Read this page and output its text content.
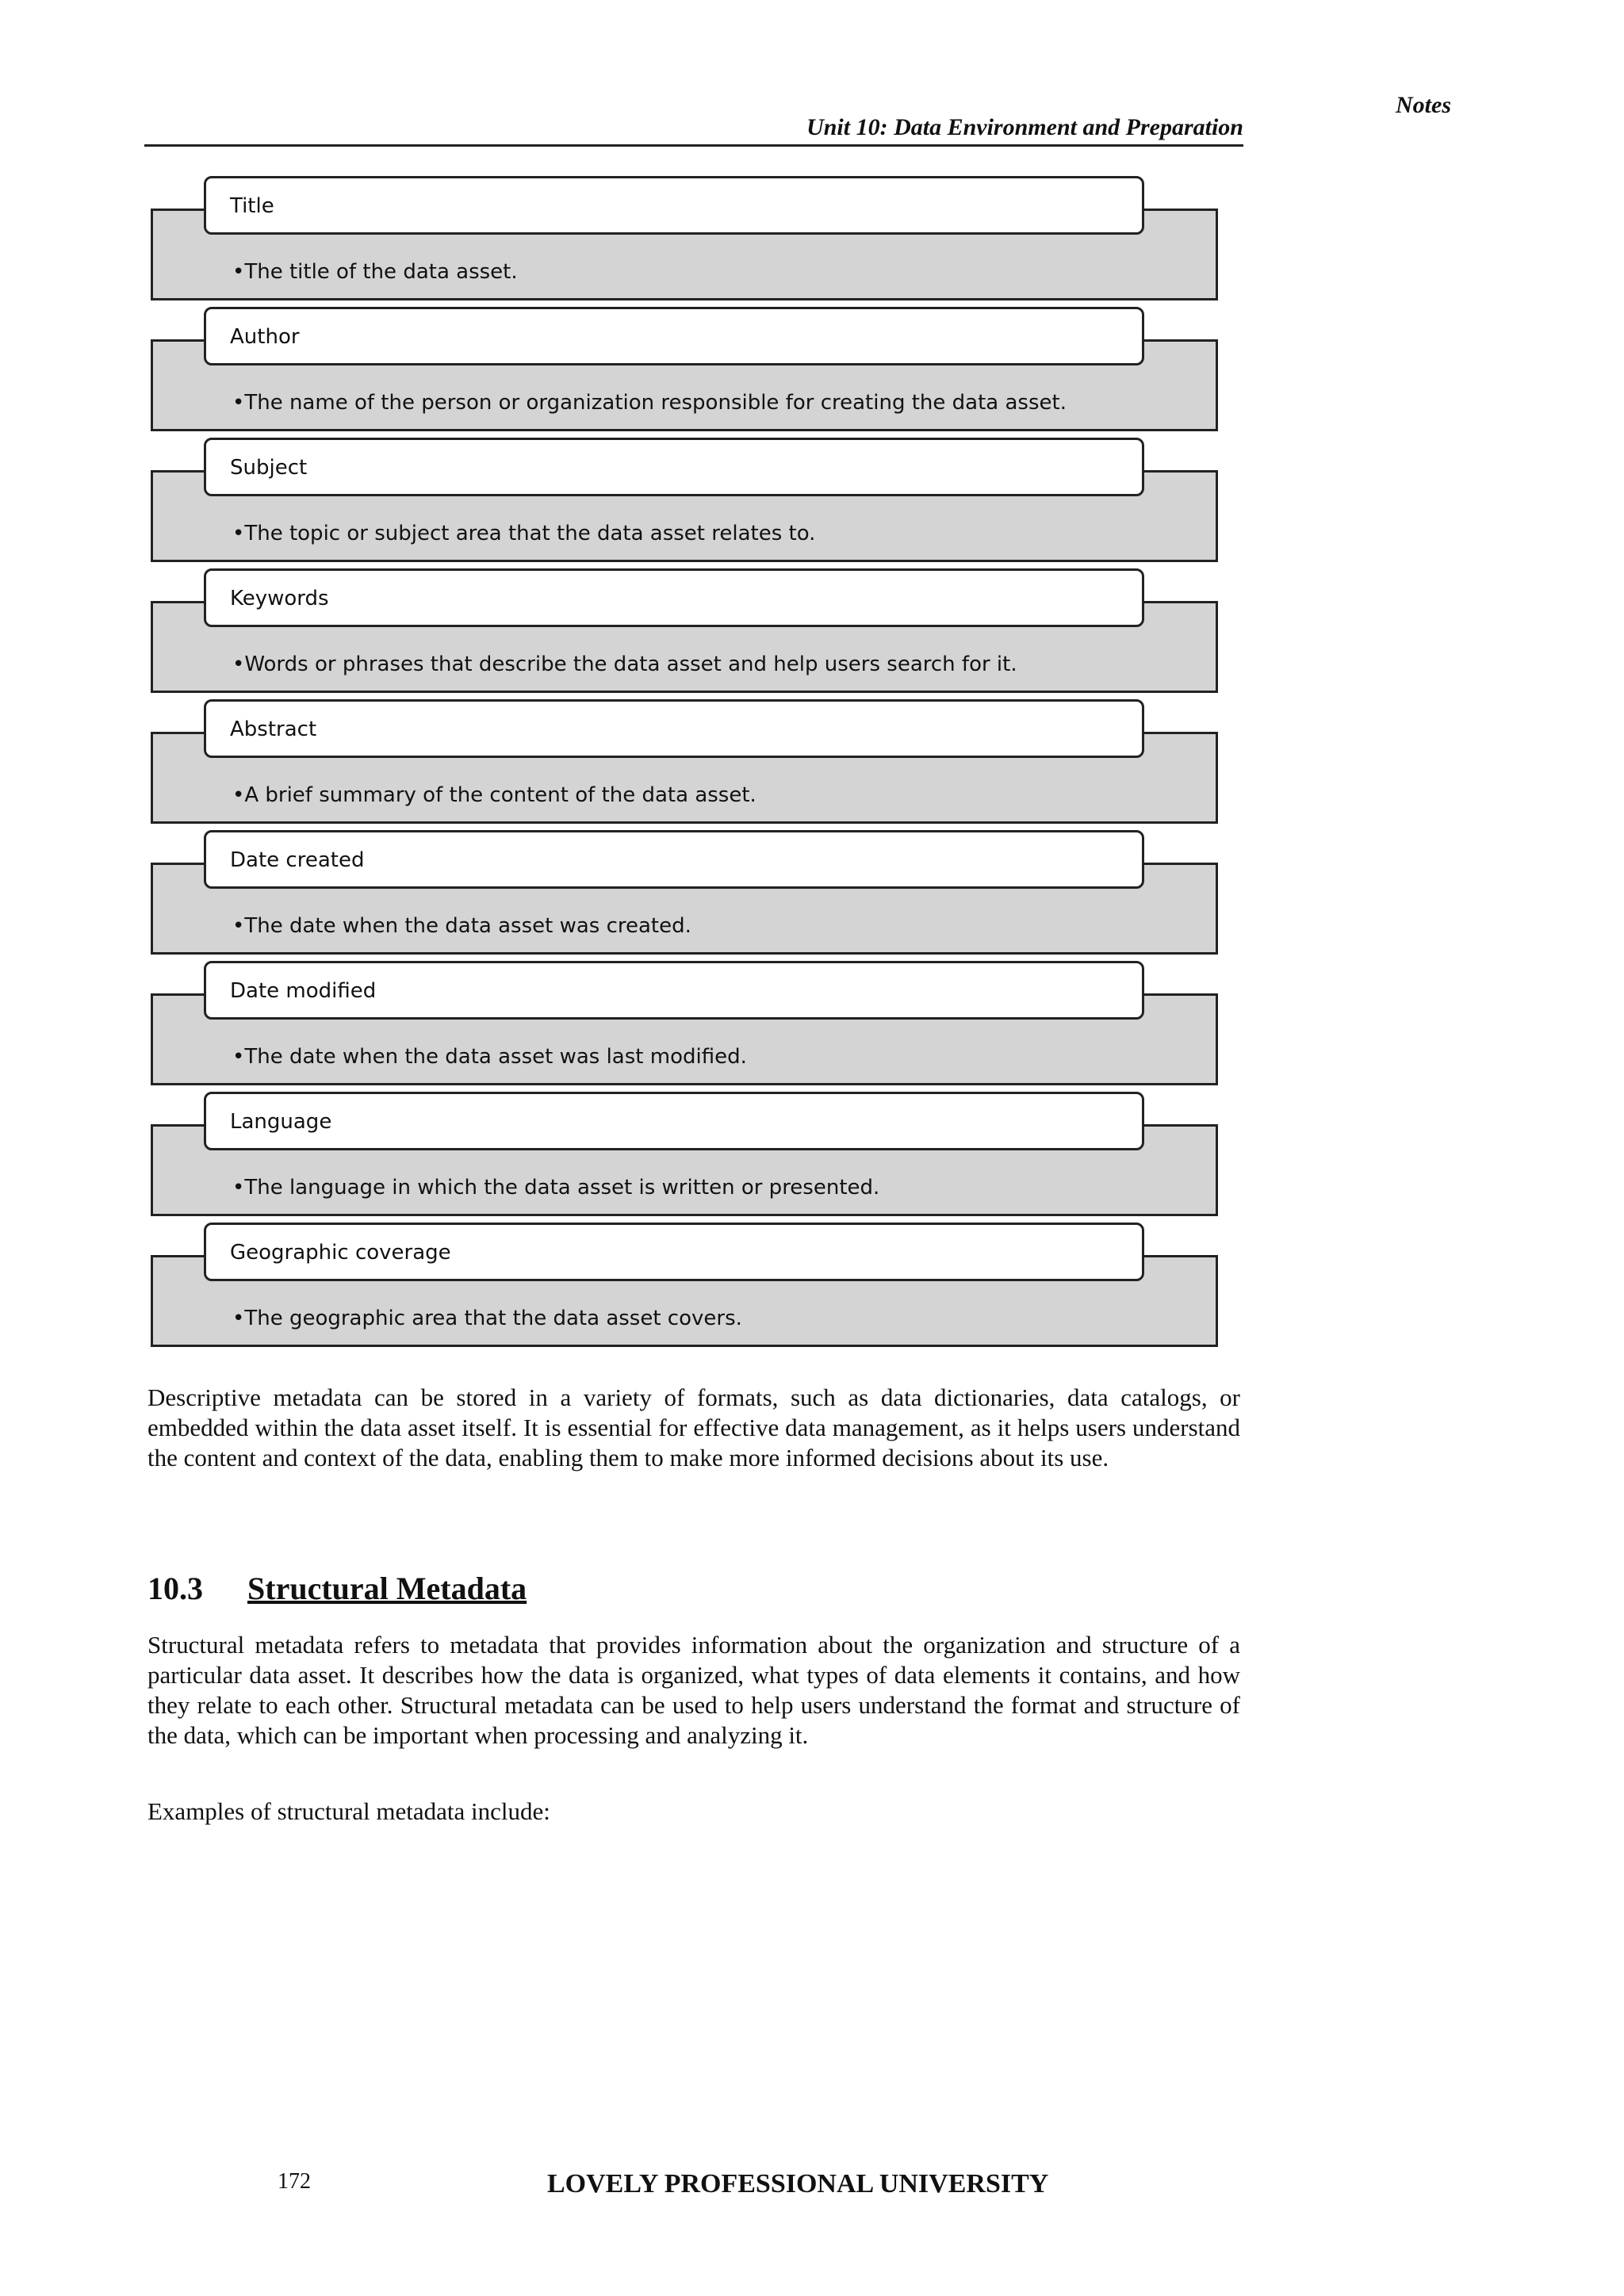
Notes
Unit 10: Data Environment and Preparation
•The title of the data asset.
Title
•The name of the person or organization responsible for creating the data asset.
Author
•The topic or subject area that the data asset relates to.
Subject
•Words or phrases that describe the data asset and help users search for it.
Keywords
•A brief summary of the content of the data asset.
Abstract
•The date when the data asset was created.
Date created
•The date when the data asset was last modified.
Date modified
•The language in which the data asset is written or presented.
Language
•The geographic area that the data asset covers.
Geographic coverage

Descriptive metadata can be stored in a variety of formats, such as data dictionaries, data catalogs, or embedded within the data asset itself. It is essential for effective data management, as it helps users understand the content and context of the data, enabling them to make more informed decisions about its use.

10.3 Structural Metadata

Structural metadata refers to metadata that provides information about the organization and structure of a particular data asset. It describes how the data is organized, what types of data elements it contains, and how they relate to each other. Structural metadata can be used to help users understand the format and structure of the data, which can be important when processing and analyzing it.

Examples of structural metadata include:

172	LOVELY PROFESSIONAL UNIVERSITY
